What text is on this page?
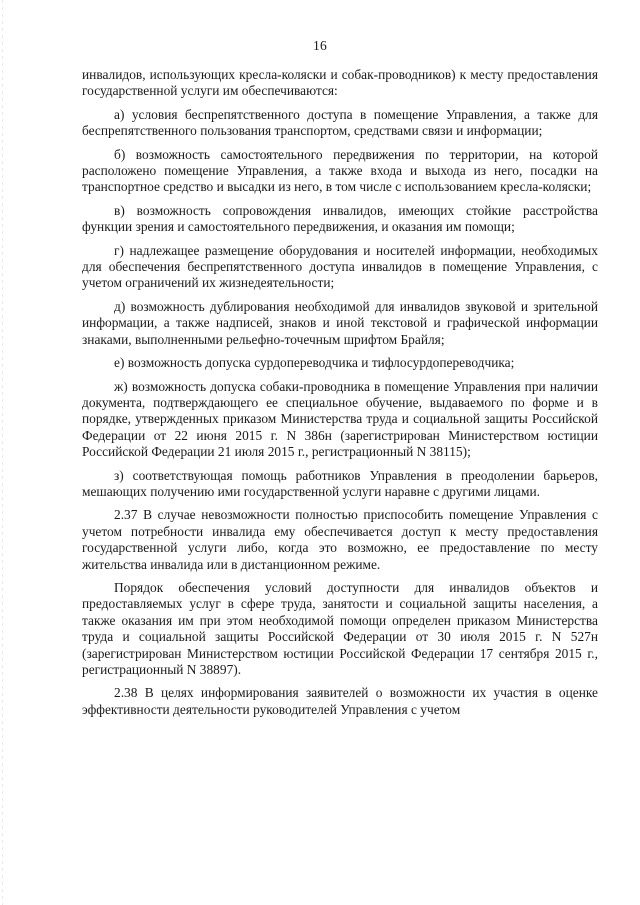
16

инвалидов, использующих кресла-коляски и собак-проводников) к месту предоставления государственной услуги им обеспечиваются:

а) условия беспрепятственного доступа в помещение Управления, а также для беспрепятственного пользования транспортом, средствами связи и информации;

б) возможность самостоятельного передвижения по территории, на которой расположено помещение Управления, а также входа и выхода из него, посадки на транспортное средство и высадки из него, в том числе с использованием кресла-коляски;

в) возможность сопровождения инвалидов, имеющих стойкие расстройства функции зрения и самостоятельного передвижения, и оказания им помощи;

г) надлежащее размещение оборудования и носителей информации, необходимых для обеспечения беспрепятственного доступа инвалидов в помещение Управления, с учетом ограничений их жизнедеятельности;

д) возможность дублирования необходимой для инвалидов звуковой и зрительной информации, а также надписей, знаков и иной текстовой и графической информации знаками, выполненными рельефно-точечным шрифтом Брайля;

е) возможность допуска сурдопереводчика и тифлосурдопереводчика;

ж) возможность допуска собаки-проводника в помещение Управления при наличии документа, подтверждающего ее специальное обучение, выдаваемого по форме и в порядке, утвержденных приказом Министерства труда и социальной защиты Российской Федерации от 22 июня 2015 г. N 386н (зарегистрирован Министерством юстиции Российской Федерации 21 июля 2015 г., регистрационный N 38115);

з) соответствующая помощь работников Управления в преодолении барьеров, мешающих получению ими государственной услуги наравне с другими лицами.

2.37 В случае невозможности полностью приспособить помещение Управления с учетом потребности инвалида ему обеспечивается доступ к месту предоставления государственной услуги либо, когда это возможно, ее предоставление по месту жительства инвалида или в дистанционном режиме.

Порядок обеспечения условий доступности для инвалидов объектов и предоставляемых услуг в сфере труда, занятости и социальной защиты населения, а также оказания им при этом необходимой помощи определен приказом Министерства труда и социальной защиты Российской Федерации от 30 июля 2015 г. N 527н (зарегистрирован Министерством юстиции Российской Федерации 17 сентября 2015 г., регистрационный N 38897).

2.38 В целях информирования заявителей о возможности их участия в оценке эффективности деятельности руководителей Управления с учетом
